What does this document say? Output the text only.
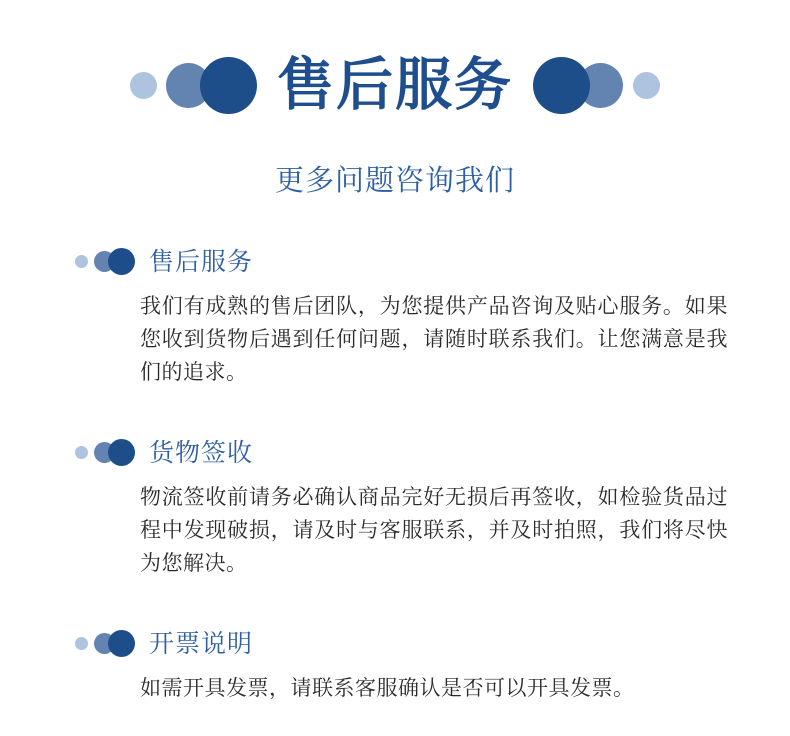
售后服务
更多问题咨询我们
售后服务

我们有成熟的售后团队，为您提供产品咨询及贴心服务。如果您收到货物后遇到任何问题，请随时联系我们。让您满意是我们的追求。

货物签收

物流签收前请务必确认商品完好无损后再签收，如检验货品过程中发现破损，请及时与客服联系，并及时拍照，我们将尽快为您解决。

开票说明

如需开具发票，请联系客服确认是否可以开具发票。
